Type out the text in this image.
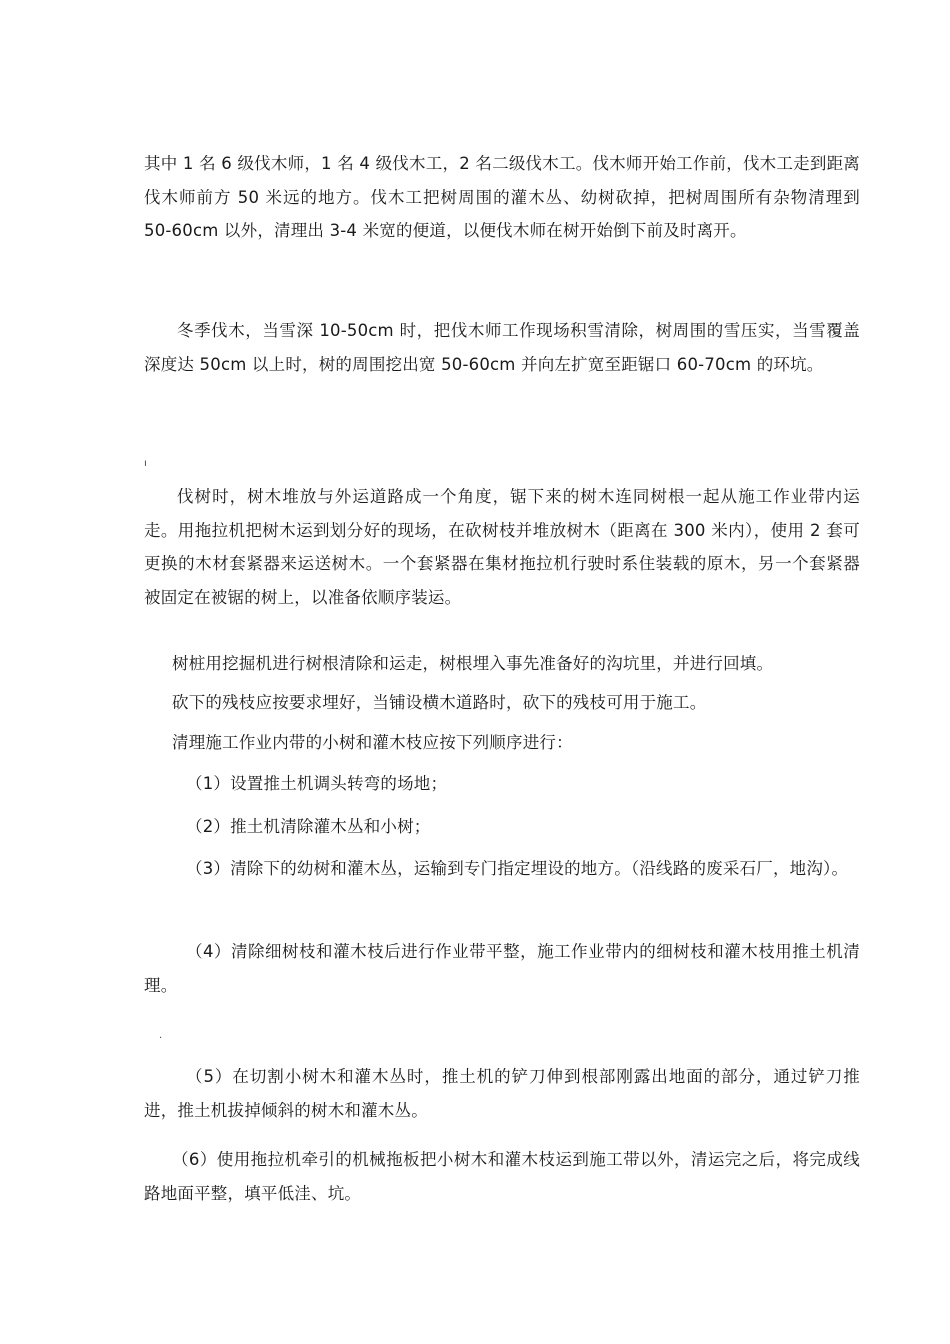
其中 1 名 6 级伐木师，1 名 4 级伐木工，2 名二级伐木工。伐木师开始工作前，伐木工走到距离伐木师前方 50 米远的地方。伐木工把树周围的灌木丛、幼树砍掉，把树周围所有杂物清理到 50-60cm 以外，清理出 3-4 米宽的便道，以便伐木师在树开始倒下前及时离开。

冬季伐木，当雪深 10-50cm 时，把伐木师工作现场积雪清除，树周围的雪压实，当雪覆盖深度达 50cm 以上时，树的周围挖出宽 50-60cm 并向左扩宽至距锯口 60-70cm 的环坑。

ı

伐树时，树木堆放与外运道路成一个角度，锯下来的树木连同树根一起从施工作业带内运走。用拖拉机把树木运到划分好的现场，在砍树枝并堆放树木（距离在 300 米内），使用 2 套可更换的木材套紧器来运送树木。一个套紧器在集材拖拉机行驶时系住装载的原木，另一个套紧器被固定在被锯的树上，以准备依顺序装运。

树桩用挖掘机进行树根清除和运走，树根埋入事先准备好的沟坑里，并进行回填。

砍下的残枝应按要求埋好，当铺设横木道路时，砍下的残枝可用于施工。

清理施工作业内带的小树和灌木枝应按下列顺序进行：

（1）设置推土机调头转弯的场地；

（2）推土机清除灌木丛和小树；

（3）清除下的幼树和灌木丛，运输到专门指定埋设的地方。（沿线路的废采石厂，地沟）。

（4）清除细树枝和灌木枝后进行作业带平整，施工作业带内的细树枝和灌木枝用推土机清理。

·

（5）在切割小树木和灌木丛时，推土机的铲刀伸到根部刚露出地面的部分，通过铲刀推进，推土机拔掉倾斜的树木和灌木丛。

（6）使用拖拉机牵引的机械拖板把小树木和灌木枝运到施工带以外，清运完之后，将完成线路地面平整，填平低洼、坑。
